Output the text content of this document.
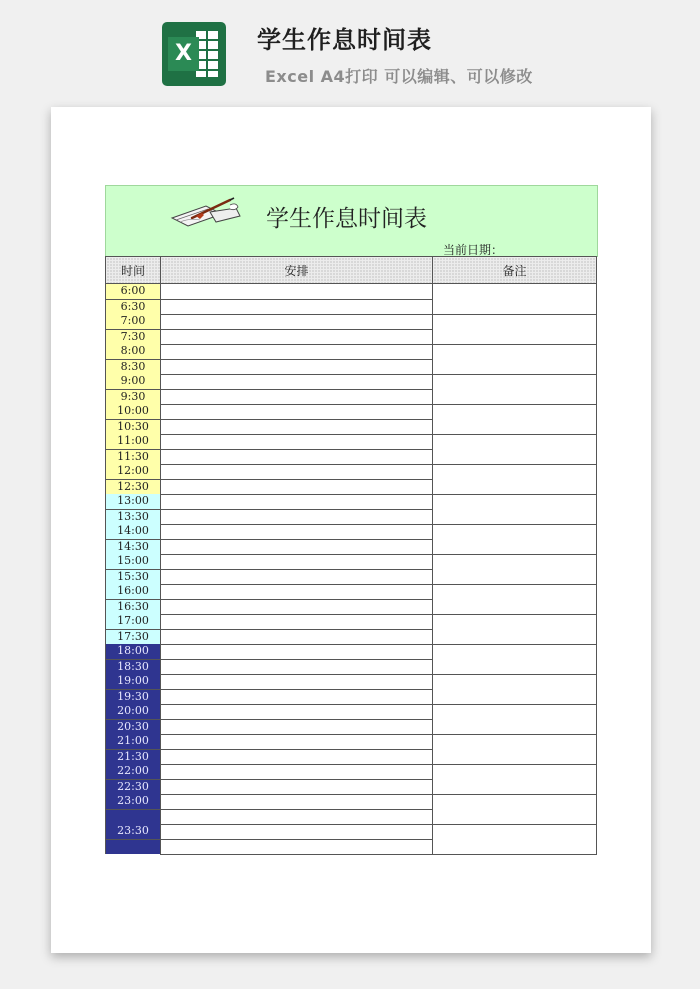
X	学生作息时间表
Excel A4打印 可以编辑、可以修改
学生作息时间表
当前日期：
时间	安排	备注
6:00		
6:30		
7:00		
7:30		
8:00		
8:30		
9:00		
9:30		
10:00		
10:30		
11:00		
11:30		
12:00		
12:30		
13:00		
13:30		
14:00		
14:30		
15:00		
15:30		
16:00		
16:30		
17:00		
17:30		
18:00		
18:30		
19:00		
19:30		
20:00		
20:30		
21:00		
21:30		
22:00		
22:30		
23:00		

23:30		
